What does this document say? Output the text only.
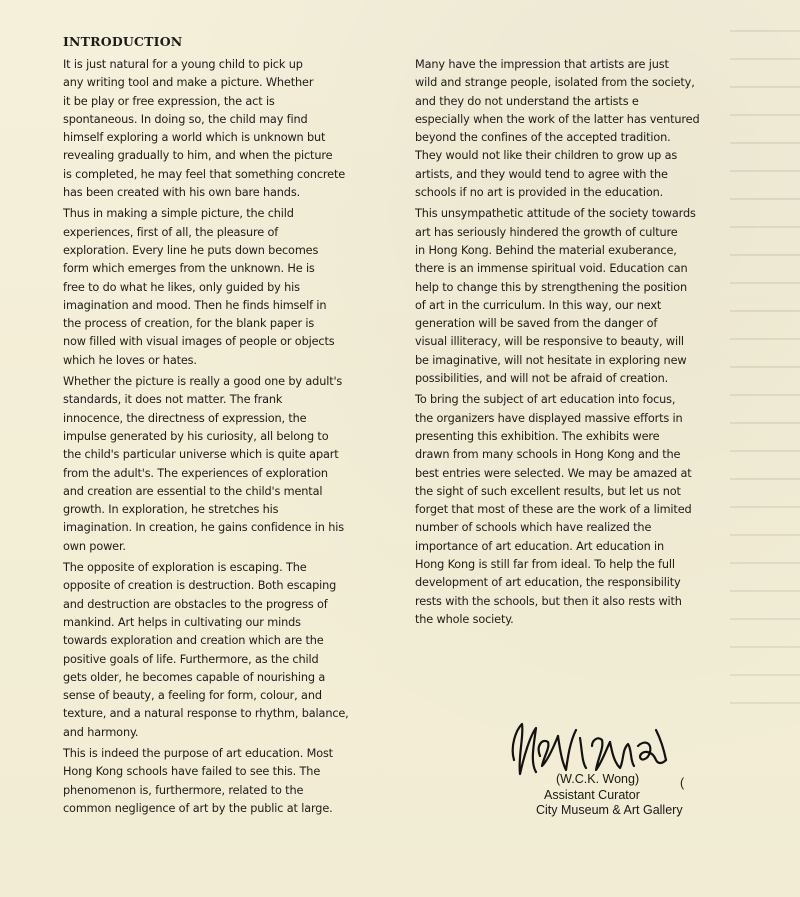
INTRODUCTION
It is just natural for a young child to pick up
any writing tool and make a picture. Whether
it be play or free expression, the act is
spontaneous. In doing so, the child may find
himself exploring a world which is unknown but
revealing gradually to him, and when the picture
is completed, he may feel that something concrete
has been created with his own bare hands.
Thus in making a simple picture, the child
experiences, first of all, the pleasure of
exploration. Every line he puts down becomes
form which emerges from the unknown. He is
free to do what he likes, only guided by his
imagination and mood. Then he finds himself in
the process of creation, for the blank paper is
now filled with visual images of people or objects
which he loves or hates.
Whether the picture is really a good one by adult's
standards, it does not matter. The frank
innocence, the directness of expression, the
impulse generated by his curiosity, all belong to
the child's particular universe which is quite apart
from the adult's. The experiences of exploration
and creation are essential to the child's mental
growth. In exploration, he stretches his
imagination. In creation, he gains confidence in his
own power.
The opposite of exploration is escaping. The
opposite of creation is destruction. Both escaping
and destruction are obstacles to the progress of
mankind. Art helps in cultivating our minds
towards exploration and creation which are the
positive goals of life. Furthermore, as the child
gets older, he becomes capable of nourishing a
sense of beauty, a feeling for form, colour, and
texture, and a natural response to rhythm, balance,
and harmony.
This is indeed the purpose of art education. Most
Hong Kong schools have failed to see this. The
phenomenon is, furthermore, related to the
common negligence of art by the public at large.
Many have the impression that artists are just
wild and strange people, isolated from the society,
and they do not understand the artists e
especially when the work of the latter has ventured
beyond the confines of the accepted tradition.
They would not like their children to grow up as
artists, and they would tend to agree with the
schools if no art is provided in the education.
This unsympathetic attitude of the society towards
art has seriously hindered the growth of culture
in Hong Kong. Behind the material exuberance,
there is an immense spiritual void. Education can
help to change this by strengthening the position
of art in the curriculum. In this way, our next
generation will be saved from the danger of
visual illiteracy, will be responsive to beauty, will
be imaginative, will not hesitate in exploring new
possibilities, and will not be afraid of creation.
To bring the subject of art education into focus,
the organizers have displayed massive efforts in
presenting this exhibition. The exhibits were
drawn from many schools in Hong Kong and the
best entries were selected. We may be amazed at
the sight of such excellent results, but let us not
forget that most of these are the work of a limited
number of schools which have realized the
importance of art education. Art education in
Hong Kong is still far from ideal. To help the full
development of art education, the responsibility
rests with the schools, but then it also rests with
the whole society.
(W.C.K. Wong)
Assistant Curator
City Museum & Art Gallery
(
